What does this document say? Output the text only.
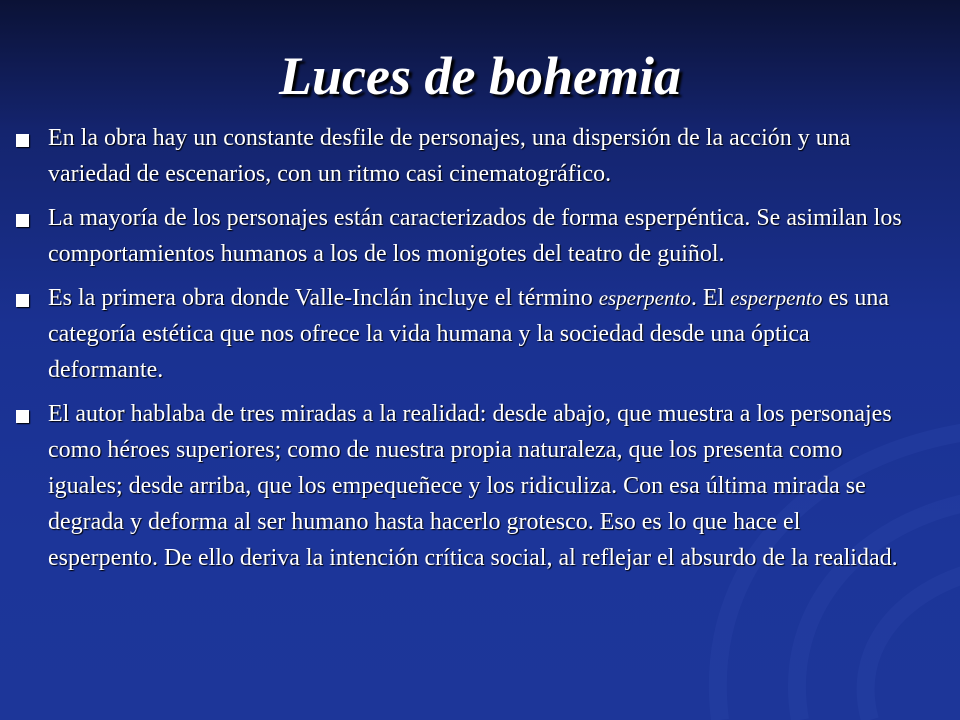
Luces de bohemia
En la obra hay un constante desfile de personajes, una dispersión de la acción y una variedad de escenarios, con un ritmo casi cinematográfico.
La mayoría de los personajes están caracterizados de forma esperpéntica. Se asimilan los comportamientos humanos a los de los monigotes del teatro de guiñol.
Es la primera obra donde Valle-Inclán incluye el término esperpento. El esperpento es una categoría estética que nos ofrece la vida humana y la sociedad desde una óptica deformante.
El autor hablaba de tres miradas a la realidad: desde abajo, que muestra a los personajes como héroes superiores; como de nuestra propia naturaleza, que los presenta como iguales; desde arriba, que los empequeñece y los ridiculiza. Con esa última mirada se degrada y deforma al ser humano hasta hacerlo grotesco. Eso es lo que hace el esperpento. De ello deriva la intención crítica social, al reflejar el absurdo de la realidad.
